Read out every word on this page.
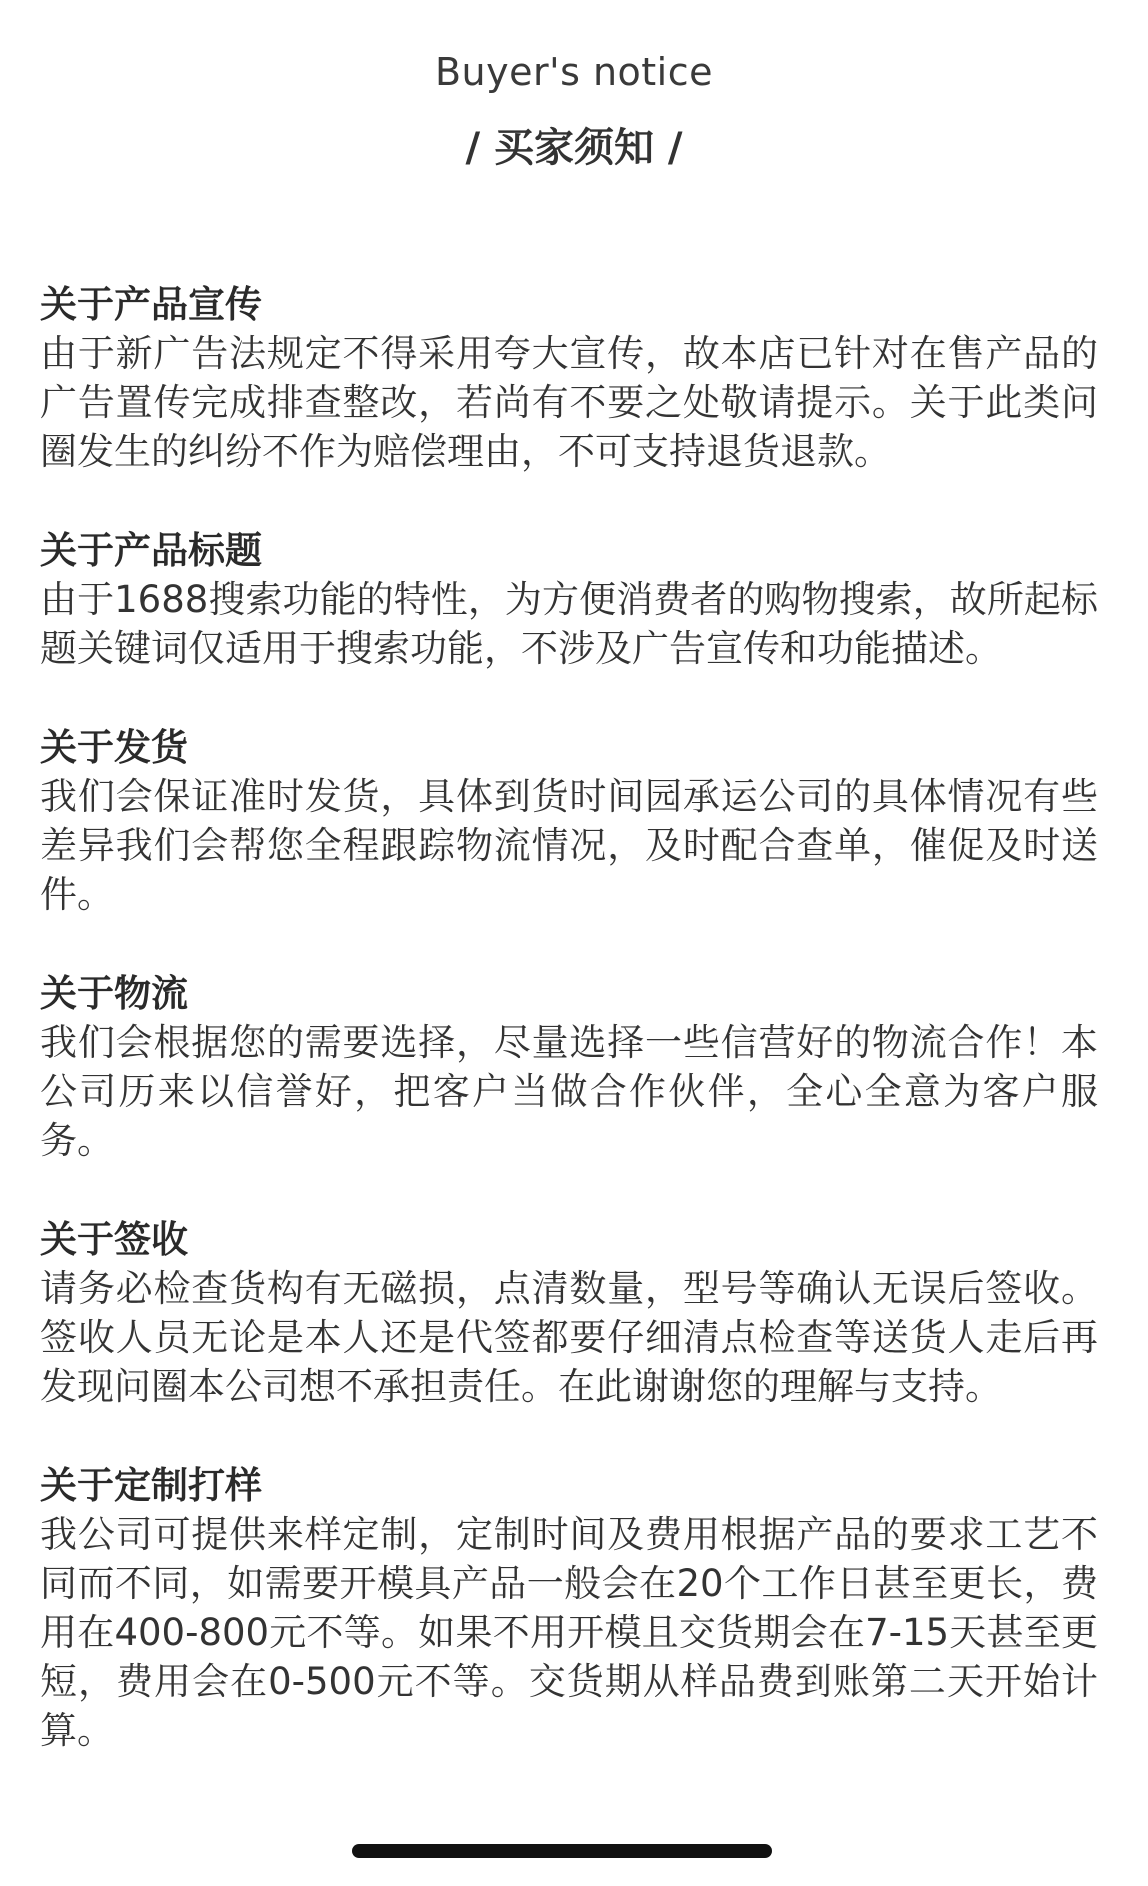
Buyer's notice
/ 买家须知 /

关于产品宣传

由于新广告法规定不得采用夸大宣传，故本店已针对在售产品的广告置传完成排查整改，若尚有不要之处敬请提示。关于此类问圈发生的纠纷不作为赔偿理由，不可支持退货退款。

关于产品标题

由于1688搜索功能的特性，为方便消费者的购物搜索，故所起标题关键词仅适用于搜索功能，不涉及广告宣传和功能描述。

关于发货

我们会保证准时发货，具体到货时间园承运公司的具体情况有些差异我们会帮您全程跟踪物流情况，及时配合查单，催促及时送件。

关于物流

我们会根据您的需要选择，尽量选择一些信营好的物流合作！本公司历来以信誉好，把客户当做合作伙伴，全心全意为客户服务。

关于签收

请务必检查货构有无磁损，点清数量，型号等确认无误后签收。签收人员无论是本人还是代签都要仔细清点检查等送货人走后再发现问圈本公司想不承担责任。在此谢谢您的理解与支持。

关于定制打样

我公司可提供来样定制，定制时间及费用根据产品的要求工艺不同而不同，如需要开模具产品一般会在20个工作日甚至更长，费用在400-800元不等。如果不用开模且交货期会在7-15天甚至更短，费用会在0-500元不等。交货期从样品费到账第二天开始计算。
